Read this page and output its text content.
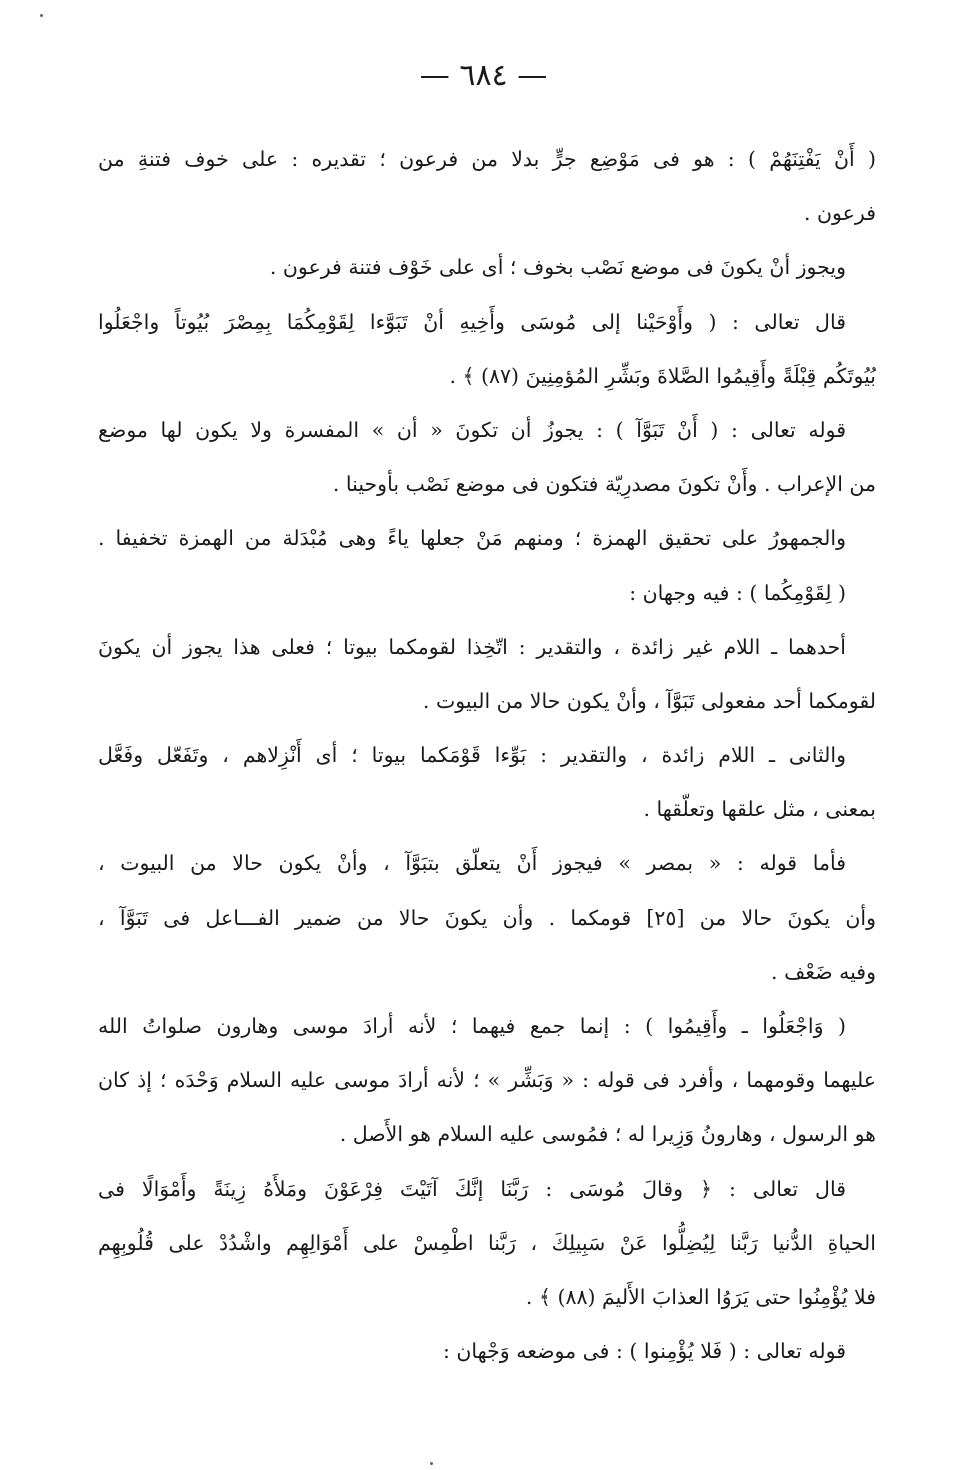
— ٦٨٤ —
( أَنْ يَفْتِنَهُمْ ) : هو فى مَوْضِع جرٍّ بدلا من فرعون ؛ تقديره : على خوف فتنةِ من
فرعون .
ويجوز أنْ يكونَ فى موضع نَصْب بخوف ؛ أى على خَوْف فتنة فرعون .
قال تعالى : ( وأَوْحَيْنا إلى مُوسَى وأَخِيهِ أنْ تَبَوَّءا لِقَوْمِكُمَا بِمِصْرَ بُيُوتاً واجْعَلُوا
بُيُوتَكُم قِبْلَةً وأَقِيمُوا الصَّلاةَ وبَشِّرِ المُؤمِنِينَ (٨٧) ﴾ .
قوله تعالى : ( أَنْ تَبَوَّآ ) : يجوزُ أن تكونَ « أن » المفسرة ولا يكون لها موضع
من الإعراب . وأَنْ تكونَ مصدرِيّة فتكون فى موضع نَصْب بأوحينا .
والجمهورُ على تحقيق الهمزة ؛ ومنهم مَنْ جعلها ياءً وهى مُبْدَلة من الهمزة تخفيفا .
( لِقَوْمِكُما ) : فيه وجهان :
أحدهما ـ اللام غير زائدة ، والتقدير : اتّخِذا لقومكما بيوتا ؛ فعلى هذا يجوز أن يكونَ
لقومكما أحد مفعولى تَبَوَّآ ، وأنْ يكون حالا من البيوت .
والثانى ـ اللام زائدة ، والتقدير : بَوِّءا قَوْمَكما بيوتا ؛ أى أَنْزِلاهم ، وتَفَعّل وفَعَّل
بمعنى ، مثل علقها وتعلّقها .
فأما قوله : « بمصر » فيجوز أَنْ يتعلّق بتبَوَّآ ، وأنْ يكون حالا من البيوت ،
وأن يكونَ حالا من [٢٥] قومكما . وأن يكونَ حالا من ضمير الفـــاعل فى تَبَوَّآ ،
وفيه ضَعْف .
( وَاجْعَلُوا ـ وأَقِيمُوا ) : إنما جمع فيهما ؛ لأنه أرادَ موسى وهارون صلواتُ الله
عليهما وقومهما ، وأفرد فى قوله : « وَبَشِّر » ؛ لأنه أرادَ موسى عليه السلام وَحْدَه ؛ إذ كان
هو الرسول ، وهارونُ وَزِيرا له ؛ فمُوسى عليه السلام هو الأَصل .
قال تعالى : ﴿ وقالَ مُوسَى : رَبَّنَا إنَّكَ آتَيْتَ فِرْعَوْنَ ومَلأَهُ زِينَةً وأَمْوَالًا فى
الحياةِ الدُّنيا رَبَّنا لِيُضِلُّوا عَنْ سَبِيلِكَ ، رَبَّنا اطْمِسْ على أَمْوَالِهِم واشْدُدْ على قُلُوبِهِم
فلا يُؤْمِنُوا حتى يَرَوُا العذابَ الأَليمَ (٨٨) ﴾ .
قوله تعالى : ( فَلا يُؤْمِنوا ) : فى موضعه وَجْهان :
